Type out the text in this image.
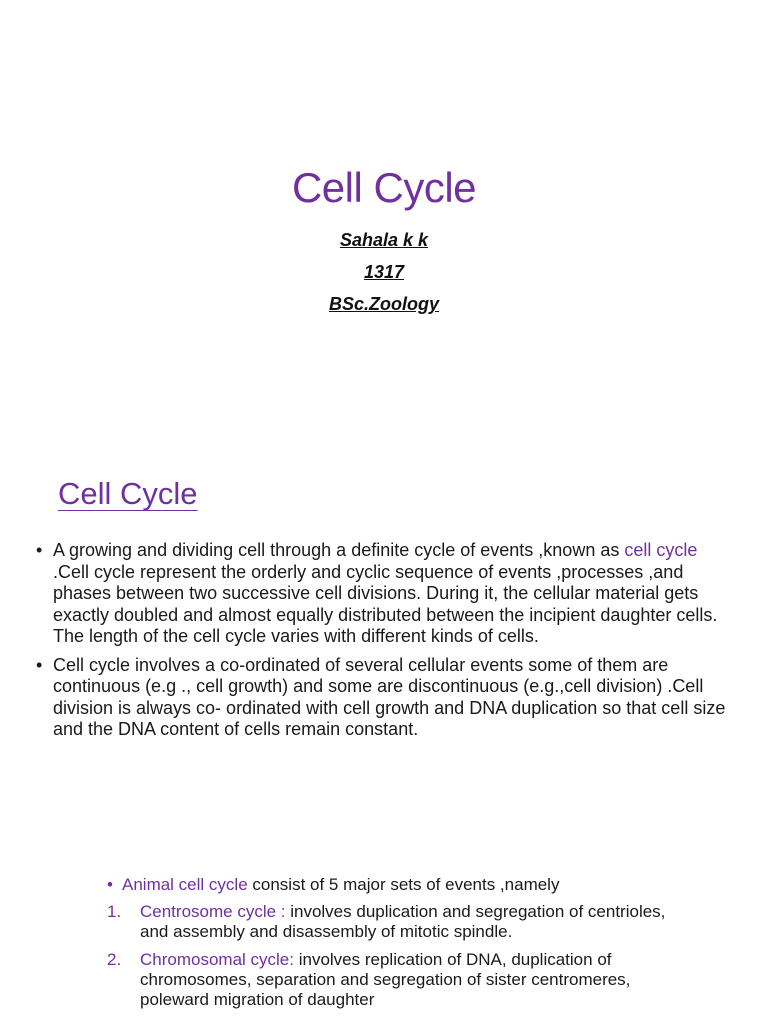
Cell Cycle
Sahala k k
1317
BSc.Zoology
Cell Cycle
• A growing and dividing cell through a definite cycle of events ,known as cell cycle .Cell cycle represent the orderly and cyclic sequence of events ,processes ,and phases between two successive cell divisions. During it, the cellular material gets exactly doubled and almost equally distributed between the incipient daughter cells. The length of the cell cycle varies with different kinds of cells.
• Cell cycle involves a co-ordinated of several cellular events some of them are continuous (e.g ., cell growth) and some are discontinuous (e.g.,cell division) .Cell division is always co- ordinated with cell growth and DNA duplication so that cell size and the DNA content of cells remain constant.
• Animal cell cycle consist of 5 major sets of events ,namely
1. Centrosome cycle : involves duplication and segregation of centrioles, and assembly and disassembly of mitotic spindle.
2. Chromosomal cycle: involves replication of DNA, duplication of chromosomes, separation and segregation of sister centromeres, poleward migration of daughter
